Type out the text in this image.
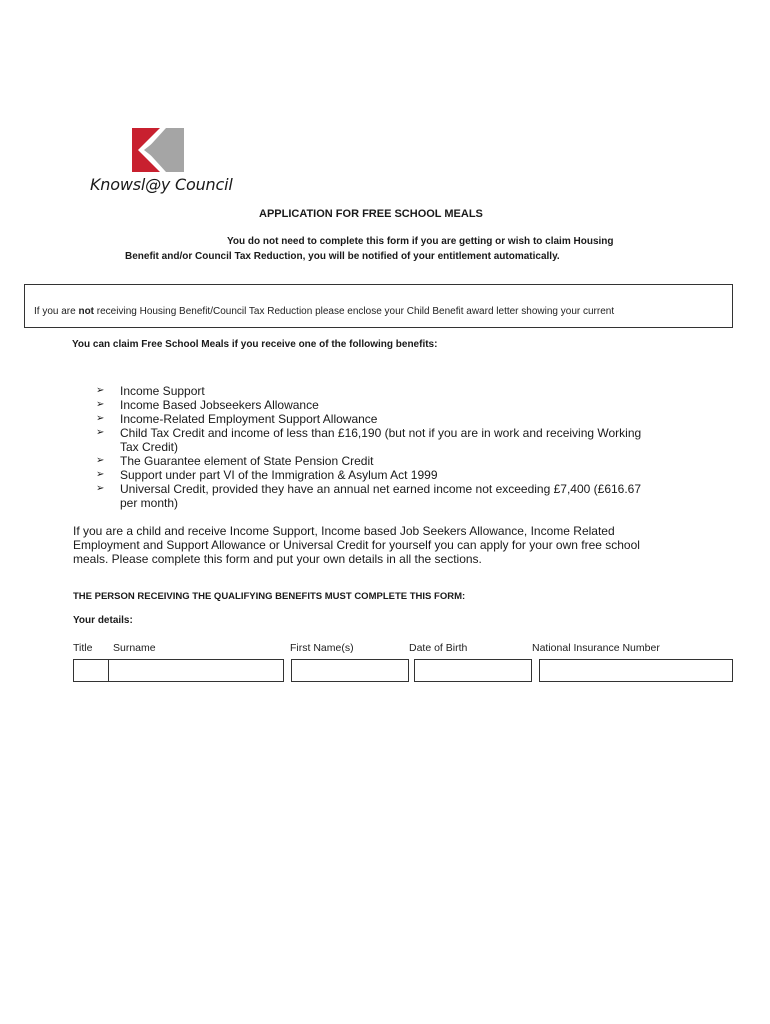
Knowsl@y Council
APPLICATION FOR FREE SCHOOL MEALS
You do not need to complete this form if you are getting or wish to claim Housing
Benefit and/or Council Tax Reduction, you will be notified of your entitlement automatically.
If you are not receiving Housing Benefit/Council Tax Reduction please enclose your Child Benefit award letter showing your current
You can claim Free School Meals if you receive one of the following benefits:
➢ Income Support
➢ Income Based Jobseekers Allowance
➢ Income-Related Employment Support Allowance
➢ Child Tax Credit and income of less than £16,190 (but not if you are in work and receiving Working Tax Credit)
➢ The Guarantee element of State Pension Credit
➢ Support under part VI of the Immigration & Asylum Act 1999
➢ Universal Credit, provided they have an annual net earned income not exceeding £7,400 (£616.67 per month)
If you are a child and receive Income Support, Income based Job Seekers Allowance, Income Related Employment and Support Allowance or Universal Credit for yourself you can apply for your own free school meals. Please complete this form and put your own details in all the sections.
THE PERSON RECEIVING THE QUALIFYING BENEFITS MUST COMPLETE THIS FORM:
Your details:
Title Surname	First Name(s)	Date of Birth	National Insurance Number
